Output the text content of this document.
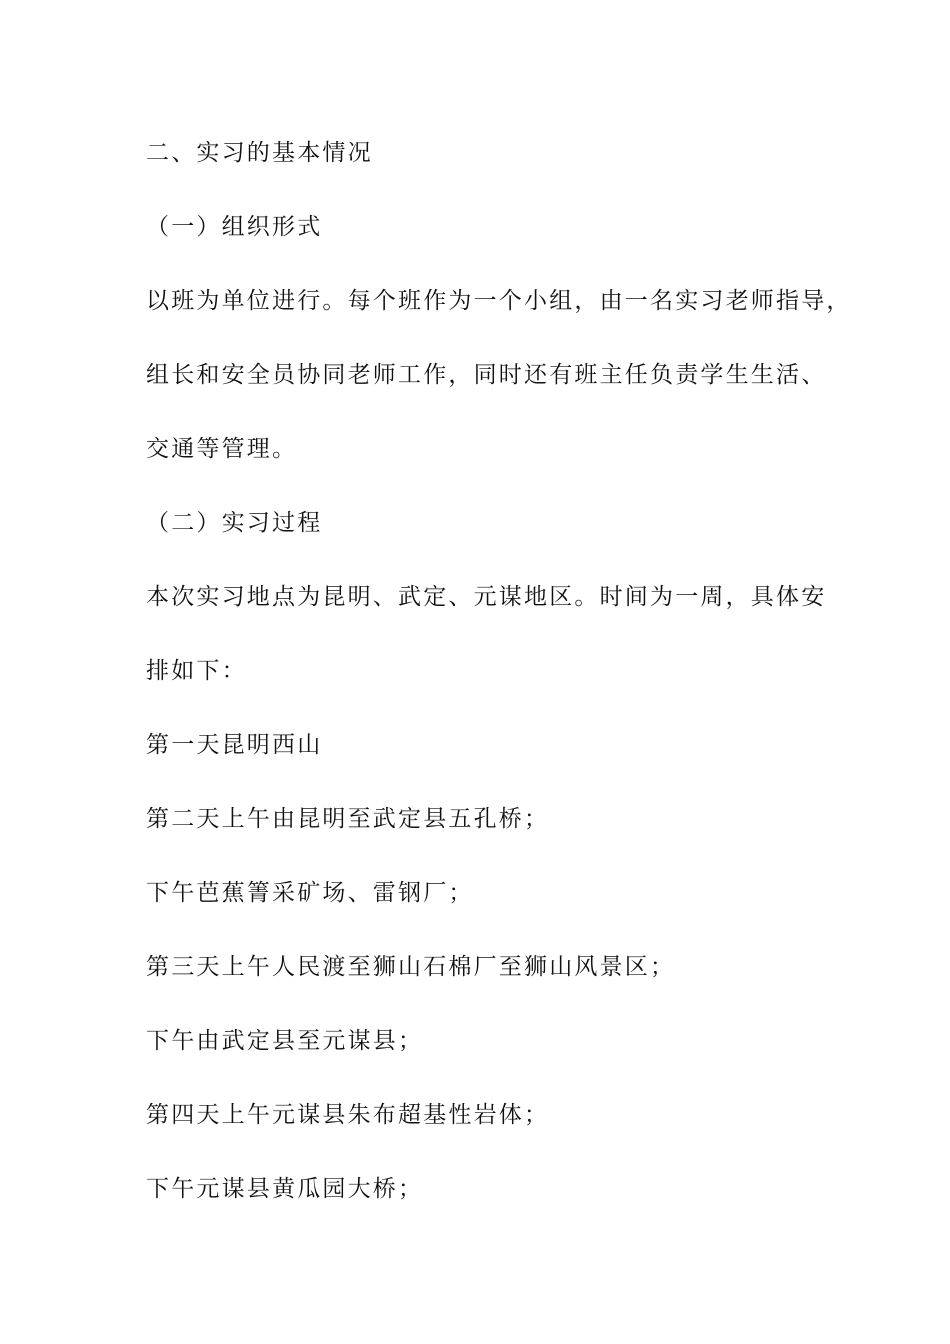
二、实习的基本情况
（一）组织形式
以班为单位进行。每个班作为一个小组，由一名实习老师指导，
组长和安全员协同老师工作，同时还有班主任负责学生生活、
交通等管理。
（二）实习过程
本次实习地点为昆明、武定、元谋地区。时间为一周，具体安
排如下：
第一天昆明西山
第二天上午由昆明至武定县五孔桥；
下午芭蕉箐采矿场、雷钢厂；
第三天上午人民渡至狮山石棉厂至狮山风景区；
下午由武定县至元谋县；
第四天上午元谋县朱布超基性岩体；
下午元谋县黄瓜园大桥；
